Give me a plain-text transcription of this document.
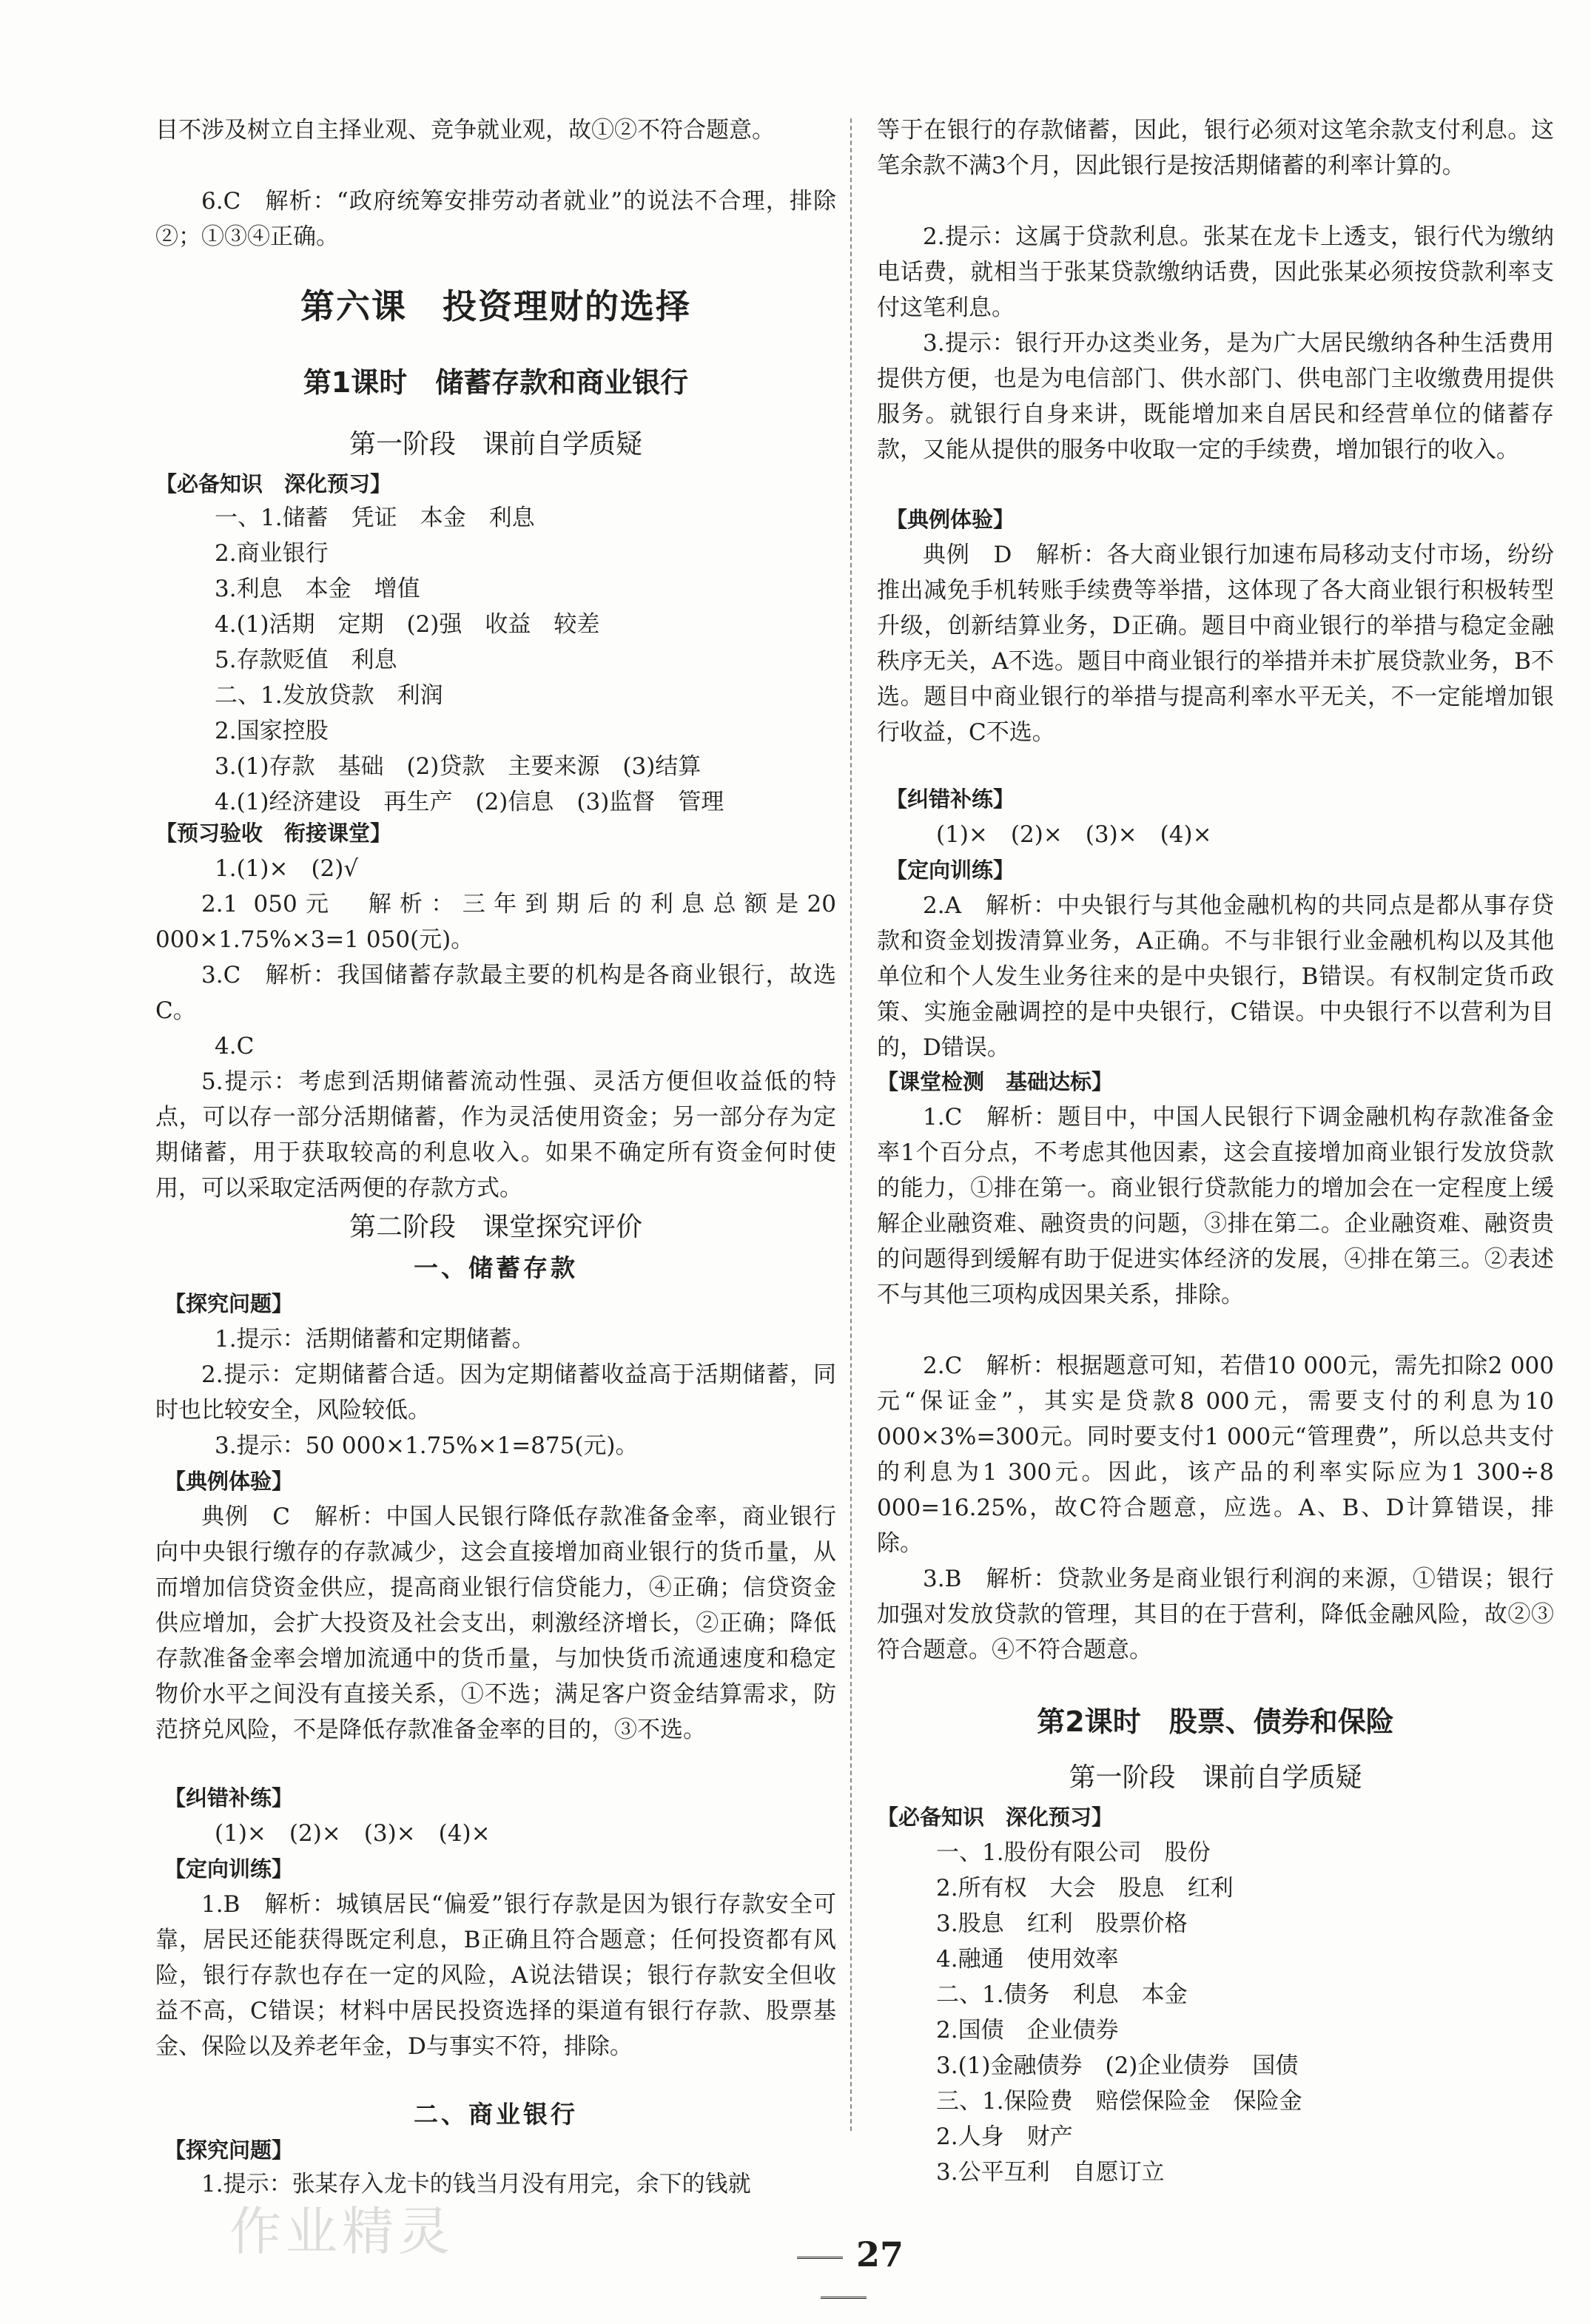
目不涉及树立自主择业观、竞争就业观，故①②不符合题意。

6.C　解析：“政府统筹安排劳动者就业”的说法不合理，排除②；①③④正确。

第六课　投资理财的选择
第1课时　储蓄存款和商业银行
第一阶段　课前自学质疑
【必备知识　深化预习】
一、1.储蓄　凭证　本金　利息
2.商业银行
3.利息　本金　增值
4.(1)活期　定期　(2)强　收益　较差
5.存款贬值　利息
二、1.发放贷款　利润
2.国家控股
3.(1)存款　基础　(2)贷款　主要来源　(3)结算
4.(1)经济建设　再生产　(2)信息　(3)监督　管理
【预习验收　衔接课堂】
1.(1)×　(2)√

2.1 050元　解析：三年到期后的利息总额是20 000×1.75%×3=1 050(元)。

3.C　解析：我国储蓄存款最主要的机构是各商业银行，故选C。

4.C

5.提示：考虑到活期储蓄流动性强、灵活方便但收益低的特点，可以存一部分活期储蓄，作为灵活使用资金；另一部分存为定期储蓄，用于获取较高的利息收入。如果不确定所有资金何时使用，可以采取定活两便的存款方式。

第二阶段　课堂探究评价
一、储蓄存款
【探究问题】
1.提示：活期储蓄和定期储蓄。

2.提示：定期储蓄合适。因为定期储蓄收益高于活期储蓄，同时也比较安全，风险较低。

3.提示：50 000×1.75%×1=875(元)。
【典例体验】

典例　C　解析：中国人民银行降低存款准备金率，商业银行向中央银行缴存的存款减少，这会直接增加商业银行的货币量，从而增加信贷资金供应，提高商业银行信贷能力，④正确；信贷资金供应增加，会扩大投资及社会支出，刺激经济增长，②正确；降低存款准备金率会增加流通中的货币量，与加快货币流通速度和稳定物价水平之间没有直接关系，①不选；满足客户资金结算需求，防范挤兑风险，不是降低存款准备金率的目的，③不选。

【纠错补练】
(1)×　(2)×　(3)×　(4)×
【定向训练】

1.B　解析：城镇居民“偏爱”银行存款是因为银行存款安全可靠，居民还能获得既定利息，B正确且符合题意；任何投资都有风险，银行存款也存在一定的风险，A说法错误；银行存款安全但收益不高，C错误；材料中居民投资选择的渠道有银行存款、股票基金、保险以及养老年金，D与事实不符，排除。

二、商业银行
【探究问题】

1.提示：张某存入龙卡的钱当月没有用完，余下的钱就

等于在银行的存款储蓄，因此，银行必须对这笔余款支付利息。这笔余款不满3个月，因此银行是按活期储蓄的利率计算的。

2.提示：这属于贷款利息。张某在龙卡上透支，银行代为缴纳电话费，就相当于张某贷款缴纳话费，因此张某必须按贷款利率支付这笔利息。

3.提示：银行开办这类业务，是为广大居民缴纳各种生活费用提供方便，也是为电信部门、供水部门、供电部门主收缴费用提供服务。就银行自身来讲，既能增加来自居民和经营单位的储蓄存款，又能从提供的服务中收取一定的手续费，增加银行的收入。

【典例体验】

典例　D　解析：各大商业银行加速布局移动支付市场，纷纷推出减免手机转账手续费等举措，这体现了各大商业银行积极转型升级，创新结算业务，D正确。题目中商业银行的举措与稳定金融秩序无关，A不选。题目中商业银行的举措并未扩展贷款业务，B不选。题目中商业银行的举措与提高利率水平无关，不一定能增加银行收益，C不选。

【纠错补练】
(1)×　(2)×　(3)×　(4)×
【定向训练】

2.A　解析：中央银行与其他金融机构的共同点是都从事存贷款和资金划拨清算业务，A正确。不与非银行业金融机构以及其他单位和个人发生业务往来的是中央银行，B错误。有权制定货币政策、实施金融调控的是中央银行，C错误。中央银行不以营利为目的，D错误。

【课堂检测　基础达标】

1.C　解析：题目中，中国人民银行下调金融机构存款准备金率1个百分点，不考虑其他因素，这会直接增加商业银行发放贷款的能力，①排在第一。商业银行贷款能力的增加会在一定程度上缓解企业融资难、融资贵的问题，③排在第二。企业融资难、融资贵的问题得到缓解有助于促进实体经济的发展，④排在第三。②表述不与其他三项构成因果关系，排除。

2.C　解析：根据题意可知，若借10 000元，需先扣除2 000元“保证金”，其实是贷款8 000元，需要支付的利息为10 000×3%=300元。同时要支付1 000元“管理费”，所以总共支付的利息为1 300元。因此，该产品的利率实际应为1 300÷8 000=16.25%，故C符合题意，应选。A、B、D计算错误，排除。

3.B　解析：贷款业务是商业银行利润的来源，①错误；银行加强对发放贷款的管理，其目的在于营利，降低金融风险，故②③符合题意。④不符合题意。

第2课时　股票、债券和保险
第一阶段　课前自学质疑
【必备知识　深化预习】
一、1.股份有限公司　股份
2.所有权　大会　股息　红利
3.股息　红利　股票价格
4.融通　使用效率
二、1.债务　利息　本金
2.国债　企业债券
3.(1)金融债券　(2)企业债券　国债
三、1.保险费　赔偿保险金　保险金
2.人身　财产
3.公平互利　自愿订立
作业精灵	27
